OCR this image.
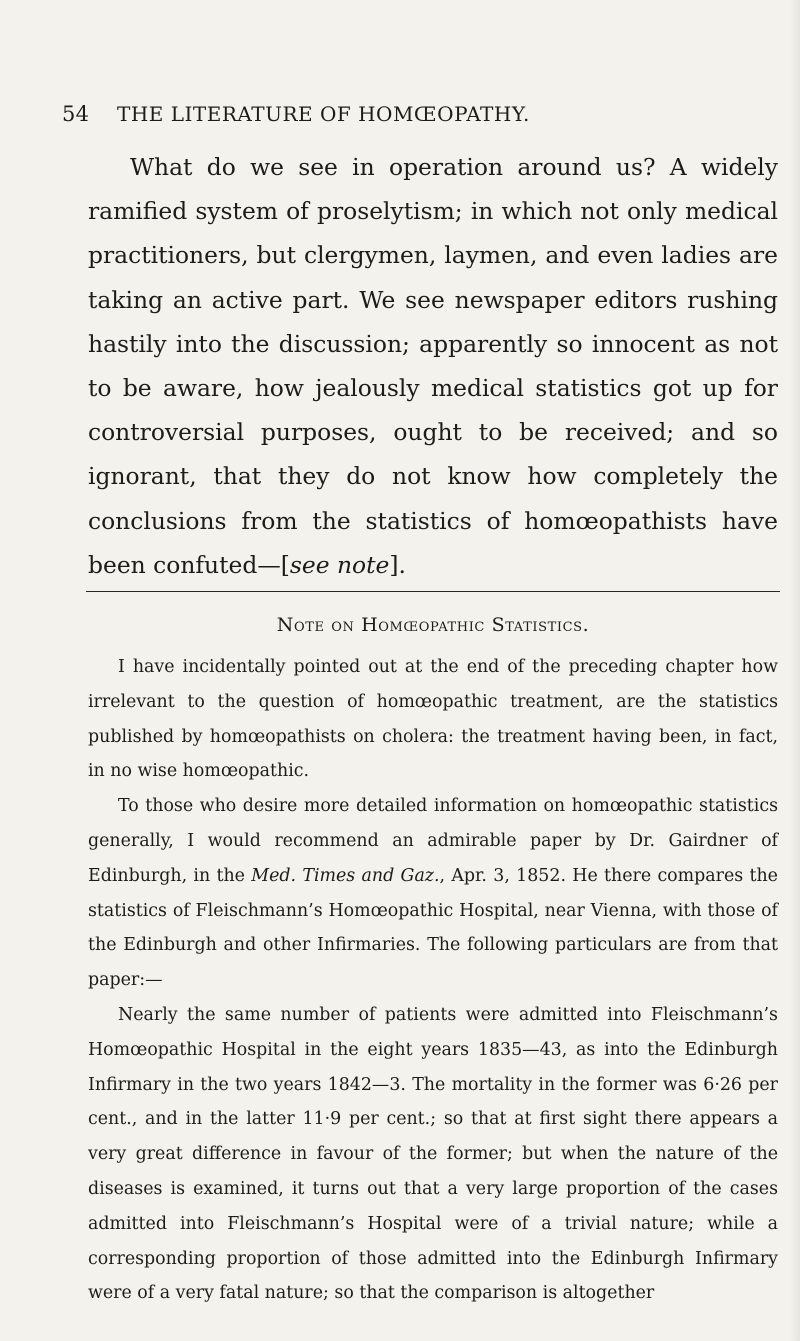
54 THE LITERATURE OF HOMŒOPATHY.

What do we see in operation around us? A widely ramified system of proselytism; in which not only medical practitioners, but clergymen, laymen, and even ladies are taking an active part. We see newspaper editors rushing hastily into the discussion; apparently so innocent as not to be aware, how jealously medical statistics got up for controversial purposes, ought to be received; and so ignorant, that they do not know how completely the conclusions from the statistics of homœopathists have been confuted—[see note].

Note on Homœopathic Statistics.

I have incidentally pointed out at the end of the preceding chapter how irrelevant to the question of homœopathic treatment, are the statistics published by homœopathists on cholera: the treatment having been, in fact, in no wise homœopathic.

To those who desire more detailed information on homœopathic statistics generally, I would recommend an admirable paper by Dr. Gairdner of Edinburgh, in the Med. Times and Gaz., Apr. 3, 1852. He there compares the statistics of Fleischmann’s Homœopathic Hospital, near Vienna, with those of the Edinburgh and other Infirmaries. The following particulars are from that paper:—

Nearly the same number of patients were admitted into Fleischmann’s Homœopathic Hospital in the eight years 1835—43, as into the Edinburgh Infirmary in the two years 1842—3. The mortality in the former was 6·26 per cent., and in the latter 11·9 per cent.; so that at first sight there appears a very great difference in favour of the former; but when the nature of the diseases is examined, it turns out that a very large proportion of the cases admitted into Fleischmann’s Hospital were of a trivial nature; while a corresponding proportion of those admitted into the Edinburgh Infirmary were of a very fatal nature; so that the comparison is altogether
